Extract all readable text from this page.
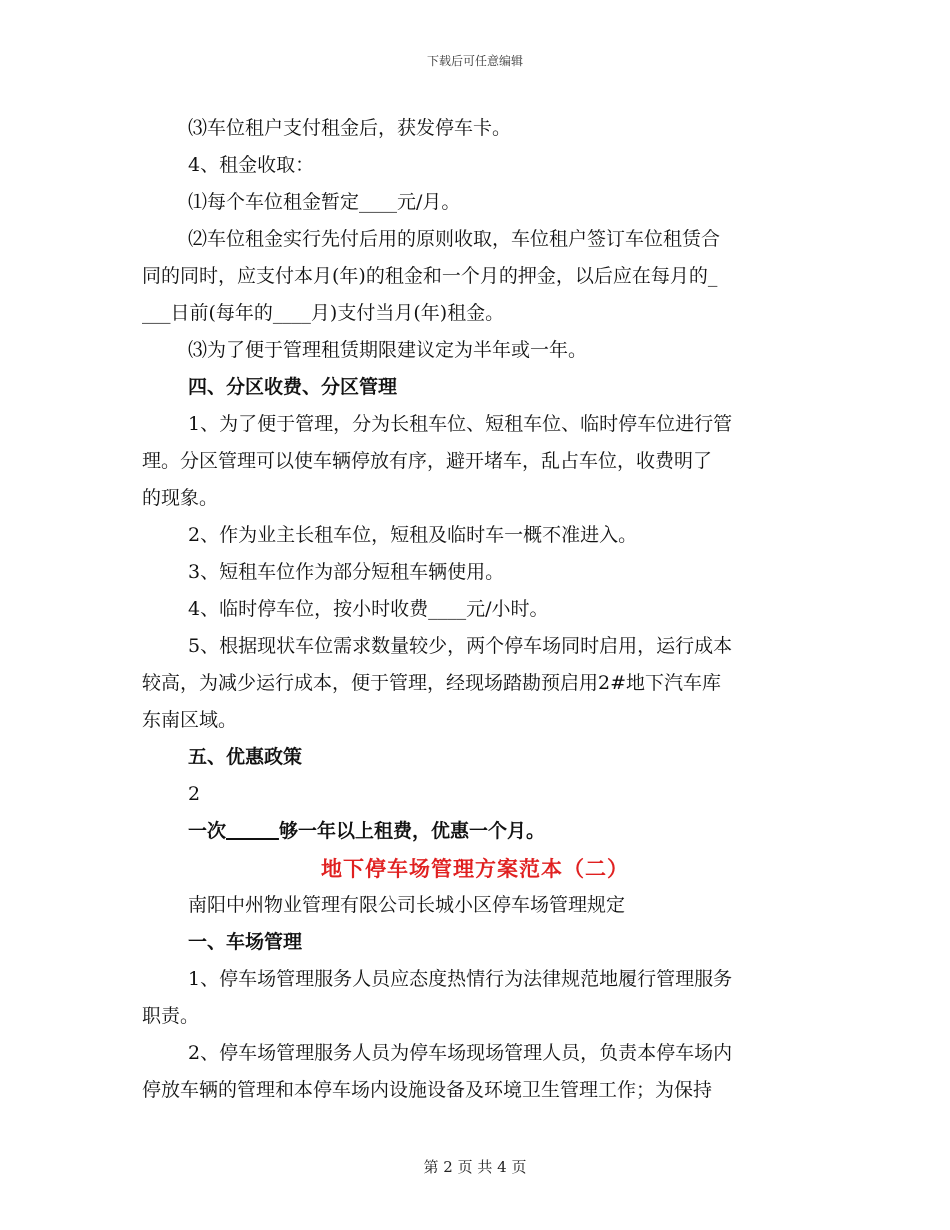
下载后可任意编辑
⑶车位租户支付租金后，获发停车卡。
4、租金收取：
⑴每个车位租金暂定____元/月。
⑵车位租金实行先付后用的原则收取，车位租户签订车位租赁合
同的同时，应支付本月(年)的租金和一个月的押金，以后应在每月的_
___日前(每年的____月)支付当月(年)租金。
⑶为了便于管理租赁期限建议定为半年或一年。
四、分区收费、分区管理
1、为了便于管理，分为长租车位、短租车位、临时停车位进行管
理。分区管理可以使车辆停放有序，避开堵车，乱占车位，收费明了
的现象。
2、作为业主长租车位，短租及临时车一概不准进入。
3、短租车位作为部分短租车辆使用。
4、临时停车位，按小时收费____元/小时。
5、根据现状车位需求数量较少，两个停车场同时启用，运行成本
较高，为减少运行成本，便于管理，经现场踏勘预启用2#地下汽车库
东南区域。
五、优惠政策
2
一次	够一年以上租费，优惠一个月。
地下停车场管理方案范本（二）
南阳中州物业管理有限公司长城小区停车场管理规定
一、车场管理
1、停车场管理服务人员应态度热情行为法律规范地履行管理服务
职责。
2、停车场管理服务人员为停车场现场管理人员，负责本停车场内
停放车辆的管理和本停车场内设施设备及环境卫生管理工作；为保持
第 2 页 共 4 页
